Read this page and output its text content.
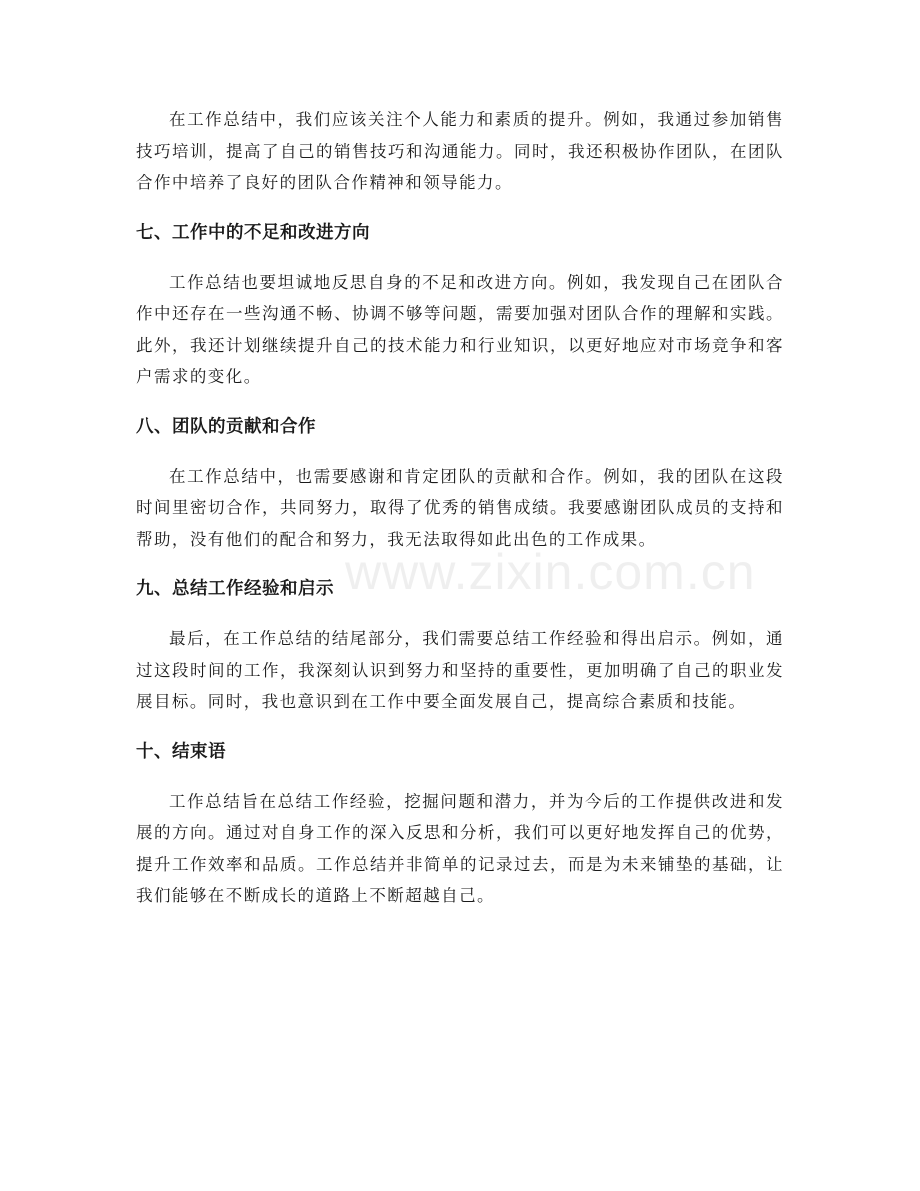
在工作总结中，我们应该关注个人能力和素质的提升。例如，我通过参加销售技巧培训，提高了自己的销售技巧和沟通能力。同时，我还积极协作团队，在团队合作中培养了良好的团队合作精神和领导能力。

七、工作中的不足和改进方向

工作总结也要坦诚地反思自身的不足和改进方向。例如，我发现自己在团队合作中还存在一些沟通不畅、协调不够等问题，需要加强对团队合作的理解和实践。此外，我还计划继续提升自己的技术能力和行业知识，以更好地应对市场竞争和客户需求的变化。

八、团队的贡献和合作

在工作总结中，也需要感谢和肯定团队的贡献和合作。例如，我的团队在这段时间里密切合作，共同努力，取得了优秀的销售成绩。我要感谢团队成员的支持和帮助，没有他们的配合和努力，我无法取得如此出色的工作成果。

九、总结工作经验和启示

最后，在工作总结的结尾部分，我们需要总结工作经验和得出启示。例如，通过这段时间的工作，我深刻认识到努力和坚持的重要性，更加明确了自己的职业发展目标。同时，我也意识到在工作中要全面发展自己，提高综合素质和技能。

十、结束语

工作总结旨在总结工作经验，挖掘问题和潜力，并为今后的工作提供改进和发展的方向。通过对自身工作的深入反思和分析，我们可以更好地发挥自己的优势，提升工作效率和品质。工作总结并非简单的记录过去，而是为未来铺垫的基础，让我们能够在不断成长的道路上不断超越自己。

www.zixin.com.cn
